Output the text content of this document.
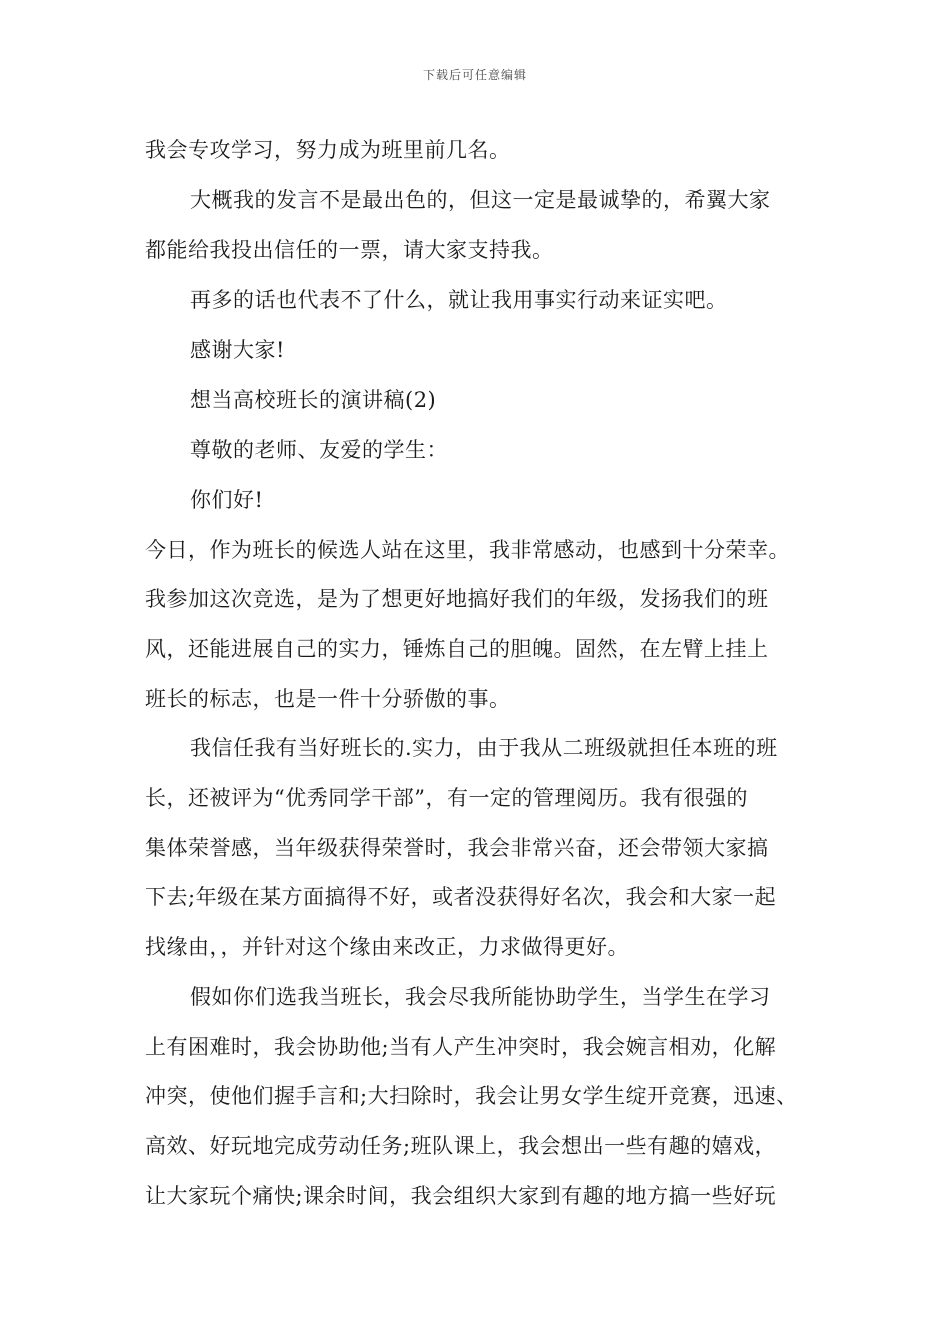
下载后可任意编辑
我会专攻学习，努力成为班里前几名。
大概我的发言不是最出色的，但这一定是最诚挚的，希翼大家
都能给我投出信任的一票，请大家支持我。
再多的话也代表不了什么，就让我用事实行动来证实吧。
感谢大家!
想当高校班长的演讲稿(2)
尊敬的老师、友爱的学生：
你们好!
今日，作为班长的候选人站在这里，我非常感动，也感到十分荣幸。
我参加这次竞选，是为了想更好地搞好我们的年级，发扬我们的班
风，还能进展自己的实力，锤炼自己的胆魄。固然，在左臂上挂上
班长的标志，也是一件十分骄傲的事。
我信任我有当好班长的.实力，由于我从二班级就担任本班的班
长，还被评为“优秀同学干部”，有一定的管理阅历。我有很强的
集体荣誉感，当年级获得荣誉时，我会非常兴奋，还会带领大家搞
下去;年级在某方面搞得不好，或者没获得好名次，我会和大家一起
找缘由，，并针对这个缘由来改正，力求做得更好。
假如你们选我当班长，我会尽我所能协助学生，当学生在学习
上有困难时，我会协助他;当有人产生冲突时，我会婉言相劝，化解
冲突，使他们握手言和;大扫除时，我会让男女学生绽开竞赛，迅速、
高效、好玩地完成劳动任务;班队课上，我会想出一些有趣的嬉戏，
让大家玩个痛快;课余时间，我会组织大家到有趣的地方搞一些好玩
